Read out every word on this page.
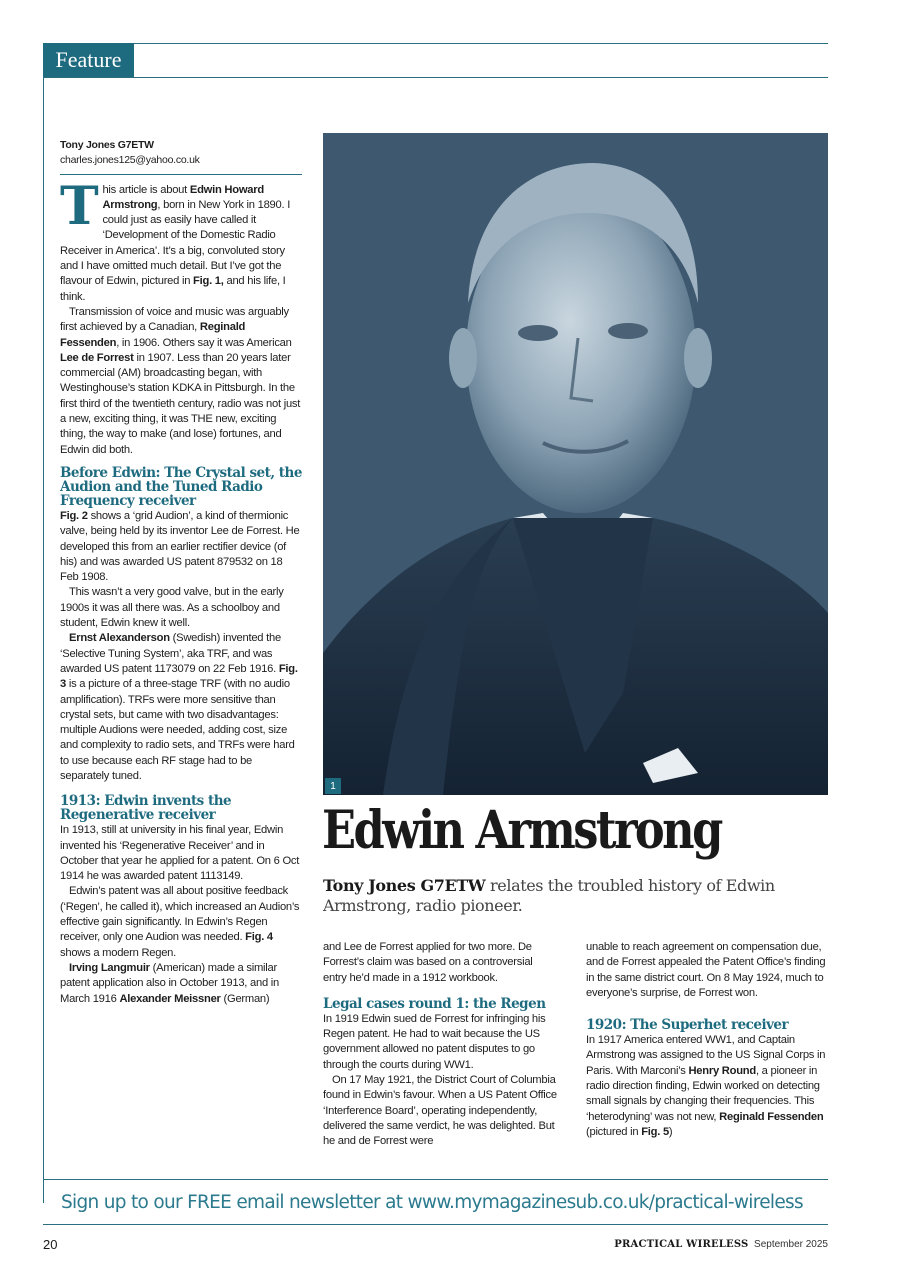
Feature
Tony Jones G7ETW
charles.jones125@yahoo.co.uk

This article is about Edwin Howard Armstrong, born in New York in 1890. I could just as easily have called it ‘Development of the Domestic Radio Receiver in America’. It’s a big, convoluted story and I have omitted much detail. But I’ve got the flavour of Edwin, pictured in Fig. 1, and his life, I think.

Transmission of voice and music was arguably first achieved by a Canadian, Reginald Fessenden, in 1906. Others say it was American Lee de Forrest in 1907. Less than 20 years later commercial (AM) broadcasting began, with Westinghouse’s station KDKA in Pittsburgh. In the first third of the twentieth century, radio was not just a new, exciting thing, it was THE new, exciting thing, the way to make (and lose) fortunes, and Edwin did both.

Before Edwin: The Crystal set, the Audion and the Tuned Radio Frequency receiver

Fig. 2 shows a ‘grid Audion’, a kind of thermionic valve, being held by its inventor Lee de Forrest. He developed this from an earlier rectifier device (of his) and was awarded US patent 879532 on 18 Feb 1908.

This wasn’t a very good valve, but in the early 1900s it was all there was. As a schoolboy and student, Edwin knew it well.

Ernst Alexanderson (Swedish) invented the ‘Selective Tuning System’, aka TRF, and was awarded US patent 1173079 on 22 Feb 1916. Fig. 3 is a picture of a three-stage TRF (with no audio amplification). TRFs were more sensitive than crystal sets, but came with two disadvantages: multiple Audions were needed, adding cost, size and complexity to radio sets, and TRFs were hard to use because each RF stage had to be separately tuned.

1913: Edwin invents the Regenerative receiver

In 1913, still at university in his final year, Edwin invented his ‘Regenerative Receiver’ and in October that year he applied for a patent. On 6 Oct 1914 he was awarded patent 1113149.

Edwin’s patent was all about positive feedback (‘Regen’, he called it), which increased an Audion’s effective gain significantly. In Edwin’s Regen receiver, only one Audion was needed. Fig. 4 shows a modern Regen.

Irving Langmuir (American) made a similar patent application also in October 1913, and in March 1916 Alexander Meissner (German)

1
Edwin Armstrong
Tony Jones G7ETW relates the troubled history of Edwin Armstrong, radio pioneer.

and Lee de Forrest applied for two more. De Forrest’s claim was based on a controversial entry he’d made in a 1912 workbook.

Legal cases round 1: the Regen

In 1919 Edwin sued de Forrest for infringing his Regen patent. He had to wait because the US government allowed no patent disputes to go through the courts during WW1.

On 17 May 1921, the District Court of Columbia found in Edwin’s favour. When a US Patent Office ‘Interference Board’, operating independently, delivered the same verdict, he was delighted. But he and de Forrest were

unable to reach agreement on compensation due, and de Forrest appealed the Patent Office’s finding in the same district court. On 8 May 1924, much to everyone’s surprise, de Forrest won.

1920: The Superhet receiver

In 1917 America entered WW1, and Captain Armstrong was assigned to the US Signal Corps in Paris. With Marconi’s Henry Round, a pioneer in radio direction finding, Edwin worked on detecting small signals by changing their frequencies. This ‘heterodyning’ was not new, Reginald Fessenden (pictured in Fig. 5)

Sign up to our FREE email newsletter at www.mymagazinesub.co.uk/practical-wireless
20	PRACTICAL WIRELESS September 2025
